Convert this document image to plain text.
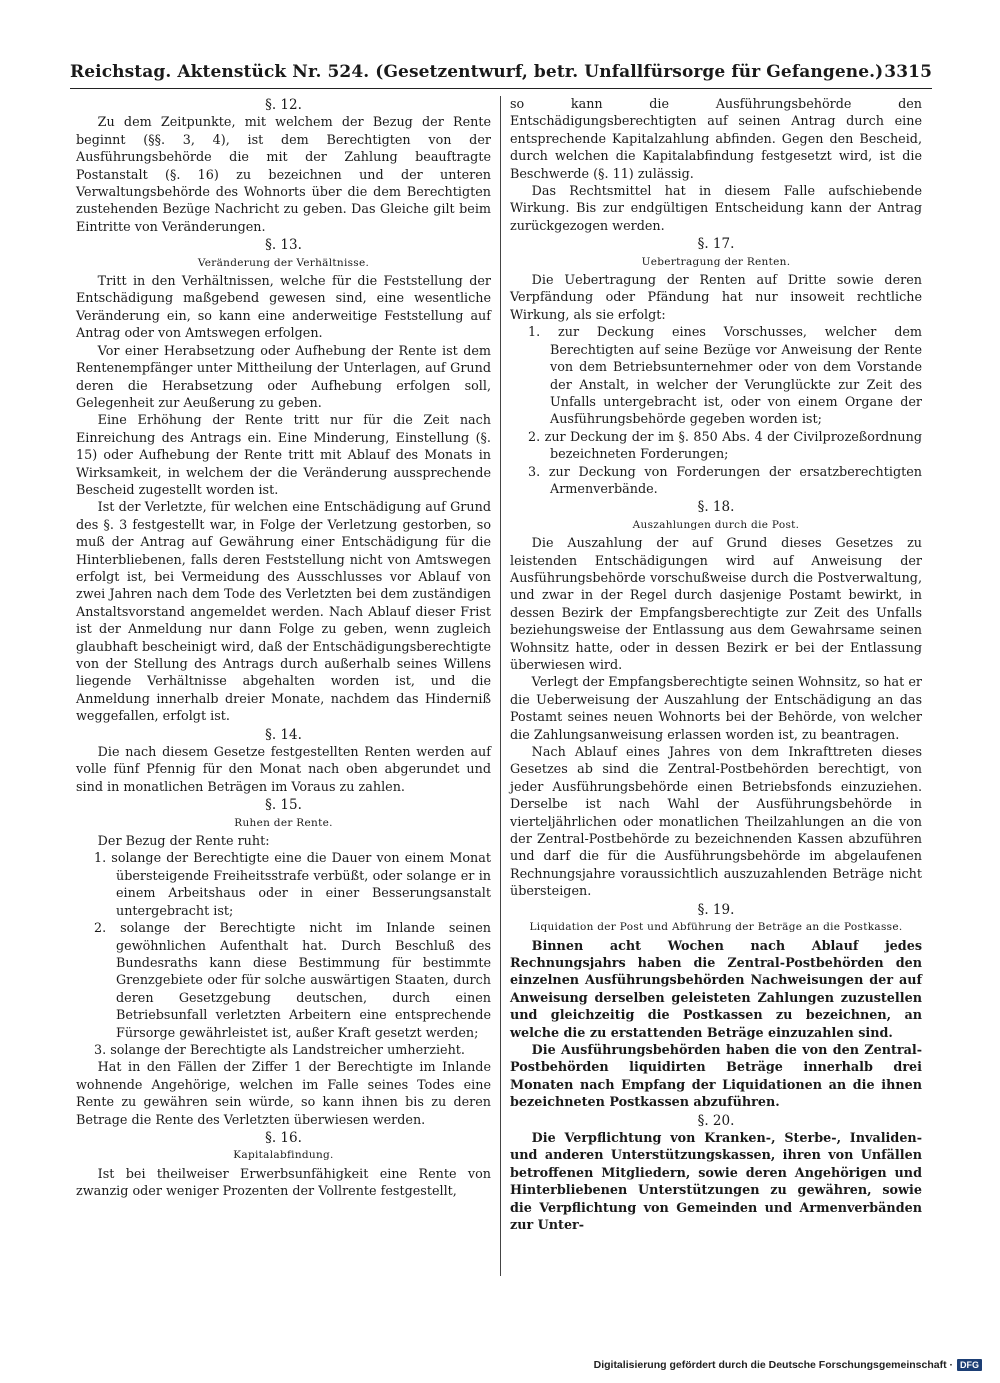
Reichstag. Aktenstück Nr. 524. (Gesetzentwurf, betr. Unfallfürsorge für Gefangene.) 3315
§. 12.

Zu dem Zeitpunkte, mit welchem der Bezug der Rente beginnt (§§. 3, 4), ist dem Berechtigten von der Ausführungsbehörde die mit der Zahlung beauftragte Postanstalt (§. 16) zu bezeichnen und der unteren Verwaltungsbehörde des Wohnorts über die dem Berechtigten zustehenden Bezüge Nachricht zu geben. Das Gleiche gilt beim Eintritte von Veränderungen.

§. 13.
Veränderung der Verhältnisse.

Tritt in den Verhältnissen, welche für die Feststellung der Entschädigung maßgebend gewesen sind, eine wesentliche Veränderung ein, so kann eine anderweitige Feststellung auf Antrag oder von Amtswegen erfolgen.

Vor einer Herabsetzung oder Aufhebung der Rente ist dem Rentenempfänger unter Mittheilung der Unterlagen, auf Grund deren die Herabsetzung oder Aufhebung erfolgen soll, Gelegenheit zur Aeußerung zu geben.

Eine Erhöhung der Rente tritt nur für die Zeit nach Einreichung des Antrags ein. Eine Minderung, Einstellung (§. 15) oder Aufhebung der Rente tritt mit Ablauf des Monats in Wirksamkeit, in welchem der die Veränderung aussprechende Bescheid zugestellt worden ist.

Ist der Verletzte, für welchen eine Entschädigung auf Grund des §. 3 festgestellt war, in Folge der Verletzung gestorben, so muß der Antrag auf Gewährung einer Entschädigung für die Hinterbliebenen, falls deren Feststellung nicht von Amtswegen erfolgt ist, bei Vermeidung des Ausschlusses vor Ablauf von zwei Jahren nach dem Tode des Verletzten bei dem zuständigen Anstaltsvorstand angemeldet werden. Nach Ablauf dieser Frist ist der Anmeldung nur dann Folge zu geben, wenn zugleich glaubhaft bescheinigt wird, daß der Entschädigungsberechtigte von der Stellung des Antrags durch außerhalb seines Willens liegende Verhältnisse abgehalten worden ist, und die Anmeldung innerhalb dreier Monate, nachdem das Hinderniß weggefallen, erfolgt ist.

§. 14.

Die nach diesem Gesetze festgestellten Renten werden auf volle fünf Pfennig für den Monat nach oben abgerundet und sind in monatlichen Beträgen im Voraus zu zahlen.

§. 15.
Ruhen der Rente.

Der Bezug der Rente ruht:

1. solange der Berechtigte eine die Dauer von einem Monat übersteigende Freiheitsstrafe verbüßt, oder solange er in einem Arbeitshaus oder in einer Besserungsanstalt untergebracht ist;
2. solange der Berechtigte nicht im Inlande seinen gewöhnlichen Aufenthalt hat. Durch Beschluß des Bundesraths kann diese Bestimmung für bestimmte Grenzgebiete oder für solche auswärtigen Staaten, durch deren Gesetzgebung deutschen, durch einen Betriebsunfall verletzten Arbeitern eine entsprechende Fürsorge gewährleistet ist, außer Kraft gesetzt werden;
3. solange der Berechtigte als Landstreicher umherzieht.

Hat in den Fällen der Ziffer 1 der Berechtigte im Inlande wohnende Angehörige, welchen im Falle seines Todes eine Rente zu gewähren sein würde, so kann ihnen bis zu deren Betrage die Rente des Verletzten überwiesen werden.

§. 16.
Kapitalabfindung.

Ist bei theilweiser Erwerbsunfähigkeit eine Rente von zwanzig oder weniger Prozenten der Vollrente festgestellt,

so kann die Ausführungsbehörde den Entschädigungsberechtigten auf seinen Antrag durch eine entsprechende Kapitalzahlung abfinden. Gegen den Bescheid, durch welchen die Kapitalabfindung festgesetzt wird, ist die Beschwerde (§. 11) zulässig.

Das Rechtsmittel hat in diesem Falle aufschiebende Wirkung. Bis zur endgültigen Entscheidung kann der Antrag zurückgezogen werden.

§. 17.
Uebertragung der Renten.

Die Uebertragung der Renten auf Dritte sowie deren Verpfändung oder Pfändung hat nur insoweit rechtliche Wirkung, als sie erfolgt:

1. zur Deckung eines Vorschusses, welcher dem Berechtigten auf seine Bezüge vor Anweisung der Rente von dem Betriebsunternehmer oder von dem Vorstande der Anstalt, in welcher der Verunglückte zur Zeit des Unfalls untergebracht ist, oder von einem Organe der Ausführungsbehörde gegeben worden ist;
2. zur Deckung der im §. 850 Abs. 4 der Civilprozeßordnung bezeichneten Forderungen;
3. zur Deckung von Forderungen der ersatzberechtigten Armenverbände.
§. 18.
Auszahlungen durch die Post.

Die Auszahlung der auf Grund dieses Gesetzes zu leistenden Entschädigungen wird auf Anweisung der Ausführungsbehörde vorschußweise durch die Postverwaltung, und zwar in der Regel durch dasjenige Postamt bewirkt, in dessen Bezirk der Empfangsberechtigte zur Zeit des Unfalls beziehungsweise der Entlassung aus dem Gewahrsame seinen Wohnsitz hatte, oder in dessen Bezirk er bei der Entlassung überwiesen wird.

Verlegt der Empfangsberechtigte seinen Wohnsitz, so hat er die Ueberweisung der Auszahlung der Entschädigung an das Postamt seines neuen Wohnorts bei der Behörde, von welcher die Zahlungsanweisung erlassen worden ist, zu beantragen.

Nach Ablauf eines Jahres von dem Inkrafttreten dieses Gesetzes ab sind die Zentral-Postbehörden berechtigt, von jeder Ausführungsbehörde einen Betriebsfonds einzuziehen. Derselbe ist nach Wahl der Ausführungsbehörde in vierteljährlichen oder monatlichen Theilzahlungen an die von der Zentral-Postbehörde zu bezeichnenden Kassen abzuführen und darf die für die Ausführungsbehörde im abgelaufenen Rechnungsjahre voraussichtlich auszuzahlenden Beträge nicht übersteigen.

§. 19.
Liquidation der Post und Abführung der Beträge an die Postkasse.

Binnen acht Wochen nach Ablauf jedes Rechnungsjahrs haben die Zentral-Postbehörden den einzelnen Ausführungsbehörden Nachweisungen der auf Anweisung derselben geleisteten Zahlungen zuzustellen und gleichzeitig die Postkassen zu bezeichnen, an welche die zu erstattenden Beträge einzuzahlen sind.

Die Ausführungsbehörden haben die von den Zentral-Postbehörden liquidirten Beträge innerhalb drei Monaten nach Empfang der Liquidationen an die ihnen bezeichneten Postkassen abzuführen.

§. 20.

Die Verpflichtung von Kranken-, Sterbe-, Invaliden- und anderen Unterstützungskassen, ihren von Unfällen betroffenen Mitgliedern, sowie deren Angehörigen und Hinterbliebenen Unterstützungen zu gewähren, sowie die Verpflichtung von Gemeinden und Armenverbänden zur Unter-

Digitalisierung gefördert durch die Deutsche Forschungsgemeinschaft · DFG
